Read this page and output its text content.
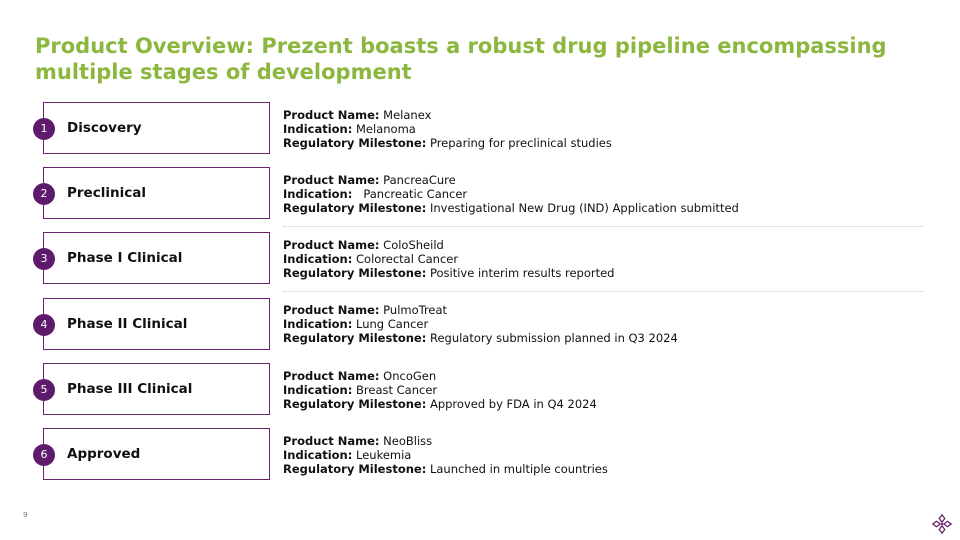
Product Overview: Prezent boasts a robust drug pipeline encompassing multiple stages of development
1	Discovery
Product Name: Melanex
Indication: Melanoma
Regulatory Milestone: Preparing for preclinical studies
2	Preclinical
Product Name: PancreaCure
Indication: Pancreatic Cancer
Regulatory Milestone: Investigational New Drug (IND) Application submitted
3	Phase I Clinical
Product Name: ColoSheild
Indication: Colorectal Cancer
Regulatory Milestone: Positive interim results reported
4	Phase II Clinical
Product Name: PulmoTreat
Indication: Lung Cancer
Regulatory Milestone: Regulatory submission planned in Q3 2024
5	Phase III Clinical
Product Name: OncoGen
Indication: Breast Cancer
Regulatory Milestone: Approved by FDA in Q4 2024
6	Approved
Product Name: NeoBliss
Indication: Leukemia
Regulatory Milestone: Launched in multiple countries
9
